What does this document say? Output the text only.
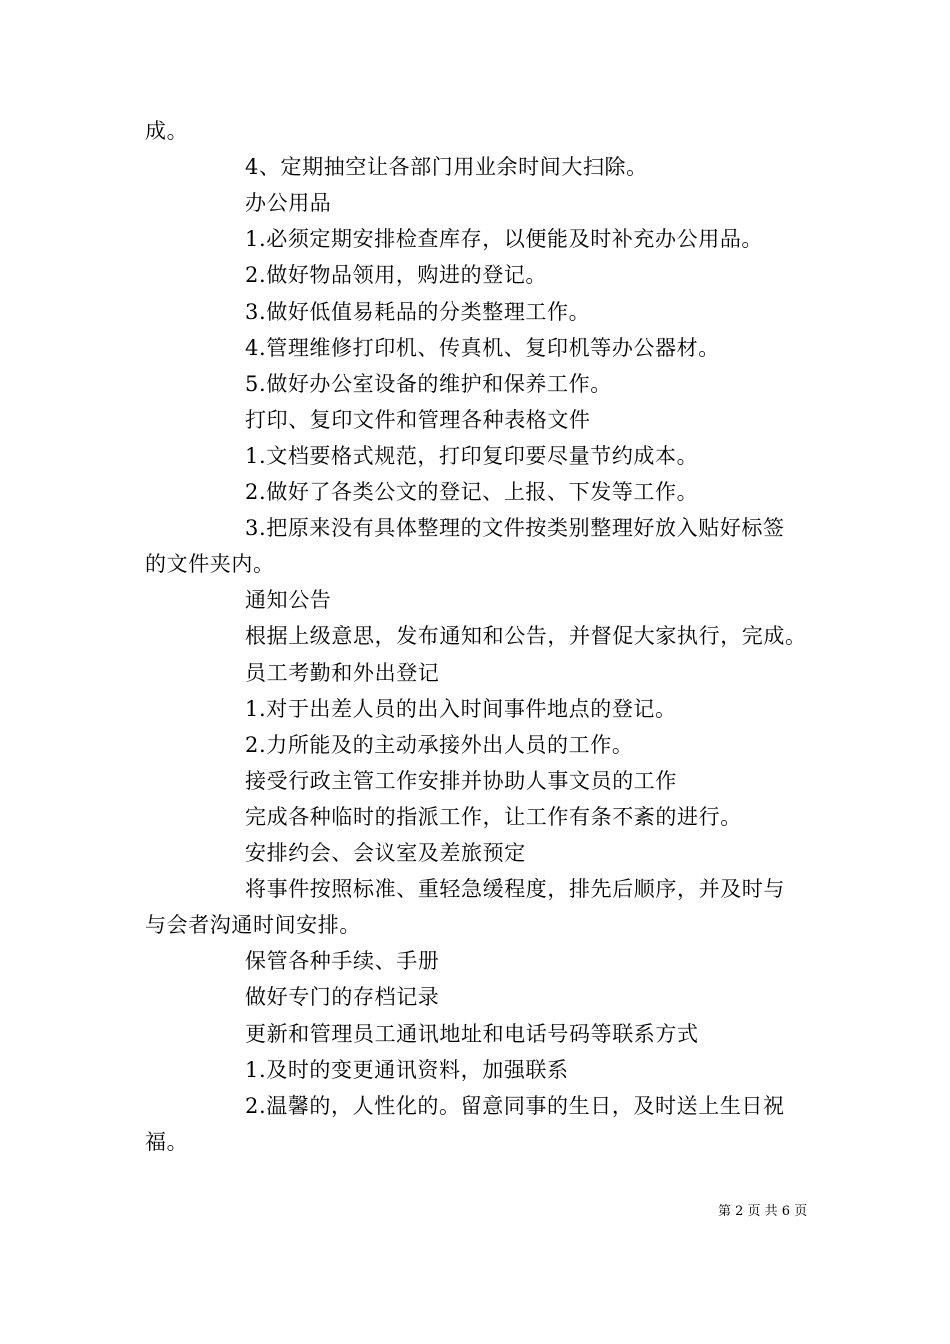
成。
4、定期抽空让各部门用业余时间大扫除。
办公用品
1.必须定期安排检查库存，以便能及时补充办公用品。
2.做好物品领用，购进的登记。
3.做好低值易耗品的分类整理工作。
4.管理维修打印机、传真机、复印机等办公器材。
5.做好办公室设备的维护和保养工作。
打印、复印文件和管理各种表格文件
1.文档要格式规范，打印复印要尽量节约成本。
2.做好了各类公文的登记、上报、下发等工作。
3.把原来没有具体整理的文件按类别整理好放入贴好标签
的文件夹内。
通知公告
根据上级意思，发布通知和公告，并督促大家执行，完成。
员工考勤和外出登记
1.对于出差人员的出入时间事件地点的登记。
2.力所能及的主动承接外出人员的工作。
接受行政主管工作安排并协助人事文员的工作
完成各种临时的指派工作，让工作有条不紊的进行。
安排约会、会议室及差旅预定
将事件按照标准、重轻急缓程度，排先后顺序，并及时与
与会者沟通时间安排。
保管各种手续、手册
做好专门的存档记录
更新和管理员工通讯地址和电话号码等联系方式
1.及时的变更通讯资料，加强联系
2.温馨的，人性化的。留意同事的生日，及时送上生日祝
福。
第 2 页 共 6 页
